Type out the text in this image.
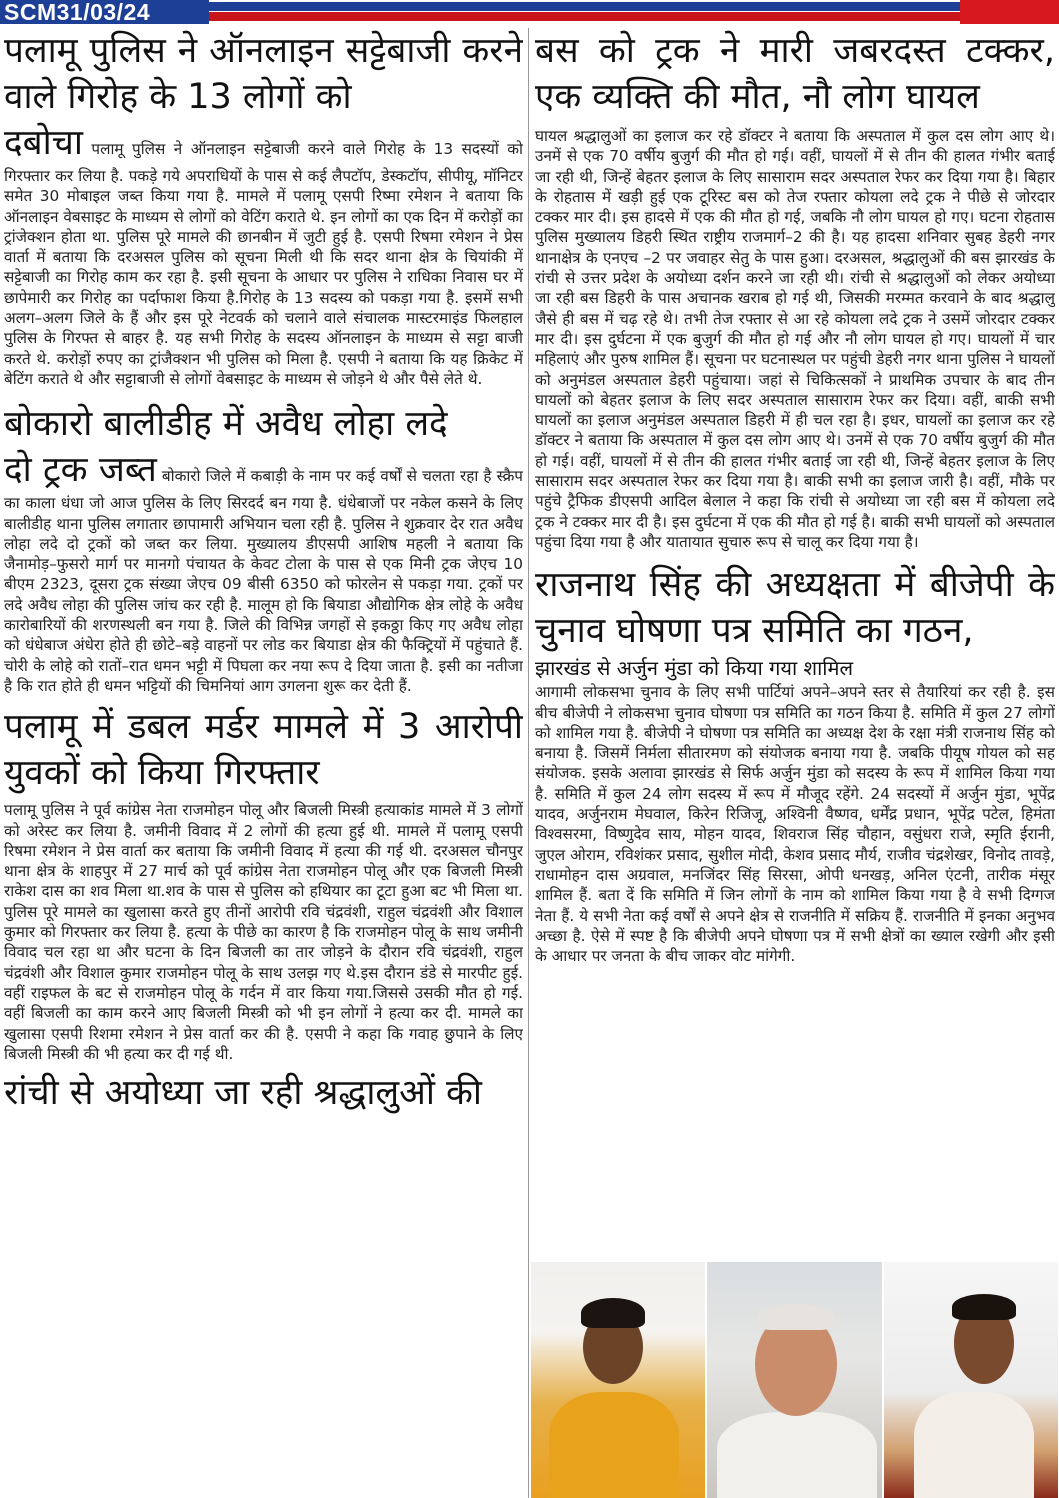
SCM31/03/24
पलामू पुलिस ने ऑनलाइन सट्टेबाजी करने वाले गिरोह के 13 लोगों को

दबोचा पलामू पुलिस ने ऑनलाइन सट्टेबाजी करने वाले गिरोह के 13 सदस्यों को गिरफ्तार कर लिया है. पकड़े गये अपराधियों के पास से कई लैपटॉप, डेस्कटॉप, सीपीयू, मॉनिटर समेत 30 मोबाइल जब्त किया गया है. मामले में पलामू एसपी रिष्मा रमेशन ने बताया कि ऑनलाइन वेबसाइट के माध्यम से लोगों को वेटिंग कराते थे. इन लोगों का एक दिन में करोड़ों का ट्रांजेक्शन होता था. पुलिस पूरे मामले की छानबीन में जुटी हुई है. एसपी रिषमा रमेशन ने प्रेस वार्ता में बताया कि दरअसल पुलिस को सूचना मिली थी कि सदर थाना क्षेत्र के चियांकी में सट्टेबाजी का गिरोह काम कर रहा है. इसी सूचना के आधार पर पुलिस ने राधिका निवास घर में छापेमारी कर गिरोह का पर्दाफाश किया है.गिरोह के 13 सदस्य को पकड़ा गया है. इसमें सभी अलग–अलग जिले के हैं और इस पूरे नेटवर्क को चलाने वाले संचालक मास्टरमाइंड फिलहाल पुलिस के गिरफ्त से बाहर है. यह सभी गिरोह के सदस्य ऑनलाइन के माध्यम से सट्टा बाजी करते थे. करोड़ों रुपए का ट्रांजैक्शन भी पुलिस को मिला है. एसपी ने बताया कि यह क्रिकेट में बेटिंग कराते थे और सट्टाबाजी से लोगों वेबसाइट के माध्यम से जोड़ने थे और पैसे लेते थे.

बोकारो बालीडीह में अवैध लोहा लदे

दो ट्रक जब्त बोकारो जिले में कबाड़ी के नाम पर कई वर्षों से चलता रहा है स्क्रैप का काला धंधा जो आज पुलिस के लिए सिरदर्द बन गया है. धंधेबाजों पर नकेल कसने के लिए बालीडीह थाना पुलिस लगातार छापामारी अभियान चला रही है. पुलिस ने शुक्रवार देर रात अवैध लोहा लदे दो ट्रकों को जब्त कर लिया. मुख्यालय डीएसपी आशिष महली ने बताया कि जैनामोड़–फुसरो मार्ग पर मानगो पंचायत के केवट टोला के पास से एक मिनी ट्रक जेएच 10 बीएम 2323, दूसरा ट्रक संख्या जेएच 09 बीसी 6350 को फोरलेन से पकड़ा गया. ट्रकों पर लदे अवैध लोहा की पुलिस जांच कर रही है. मालूम हो कि बियाडा औद्योगिक क्षेत्र लोहे के अवैध कारोबारियों की शरणस्थली बन गया है. जिले की विभिन्न जगहों से इकठ्ठा किए गए अवैध लोहा को धंधेबाज अंधेरा होते ही छोटे–बड़े वाहनों पर लोड कर बियाडा क्षेत्र की फैक्ट्रियों में पहुंचाते हैं. चोरी के लोहे को रातों–रात धमन भट्टी में पिघला कर नया रूप दे दिया जाता है. इसी का नतीजा है कि रात होते ही धमन भट्टियों की चिमनियां आग उगलना शुरू कर देती हैं.

पलामू में डबल मर्डर मामले में 3 आरोपी युवकों को किया गिरफ्तार

पलामू पुलिस ने पूर्व कांग्रेस नेता राजमोहन पोलू और बिजली मिस्त्री हत्याकांड मामले में 3 लोगों को अरेस्ट कर लिया है. जमीनी विवाद में 2 लोगों की हत्या हुई थी. मामले में पलामू एसपी रिषमा रमेशन ने प्रेस वार्ता कर बताया कि जमीनी विवाद में हत्या की गई थी. दरअसल चौनपुर थाना क्षेत्र के शाहपुर में 27 मार्च को पूर्व कांग्रेस नेता राजमोहन पोलू और एक बिजली मिस्त्री राकेश दास का शव मिला था.शव के पास से पुलिस को हथियार का टूटा हुआ बट भी मिला था. पुलिस पूरे मामले का खुलासा करते हुए तीनों आरोपी रवि चंद्रवंशी, राहुल चंद्रवंशी और विशाल कुमार को गिरफ्तार कर लिया है. हत्या के पीछे का कारण है कि राजमोहन पोलू के साथ जमीनी विवाद चल रहा था और घटना के दिन बिजली का तार जोड़ने के दौरान रवि चंद्रवंशी, राहुल चंद्रवंशी और विशाल कुमार राजमोहन पोलू के साथ उलझ गए थे.इस दौरान डंडे से मारपीट हुई. वहीं राइफल के बट से राजमोहन पोलू के गर्दन में वार किया गया.जिससे उसकी मौत हो गई. वहीं बिजली का काम करने आए बिजली मिस्त्री को भी इन लोगों ने हत्या कर दी. मामले का खुलासा एसपी रिशमा रमेशन ने प्रेस वार्ता कर की है. एसपी ने कहा कि गवाह छुपाने के लिए बिजली मिस्त्री की भी हत्या कर दी गई थी.

रांची से अयोध्या जा रही श्रद्धालुओं की
बस को ट्रक ने मारी जबरदस्त टक्कर, एक व्यक्ति की मौत, नौ लोग घायल

घायल श्रद्धालुओं का इलाज कर रहे डॉक्टर ने बताया कि अस्पताल में कुल दस लोग आए थे। उनमें से एक 70 वर्षीय बुजुर्ग की मौत हो गई। वहीं, घायलों में से तीन की हालत गंभीर बताई जा रही थी, जिन्हें बेहतर इलाज के लिए सासाराम सदर अस्पताल रेफर कर दिया गया है। बिहार के रोहतास में खड़ी हुई एक टूरिस्ट बस को तेज रफ्तार कोयला लदे ट्रक ने पीछे से जोरदार टक्कर मार दी। इस हादसे में एक की मौत हो गई, जबकि नौ लोग घायल हो गए। घटना रोहतास पुलिस मुख्यालय डिहरी स्थित राष्ट्रीय राजमार्ग–2 की है। यह हादसा शनिवार सुबह डेहरी नगर थानाक्षेत्र के एनएच –2 पर जवाहर सेतु के पास हुआ। दरअसल, श्रद्धालुओं की बस झारखंड के रांची से उत्तर प्रदेश के अयोध्या दर्शन करने जा रही थी। रांची से श्रद्धालुओं को लेकर अयोध्या जा रही बस डिहरी के पास अचानक खराब हो गई थी, जिसकी मरम्मत करवाने के बाद श्रद्धालु जैसे ही बस में चढ़ रहे थे। तभी तेज रफ्तार से आ रहे कोयला लदे ट्रक ने उसमें जोरदार टक्कर मार दी। इस दुर्घटना में एक बुजुर्ग की मौत हो गई और नौ लोग घायल हो गए। घायलों में चार महिलाएं और पुरुष शामिल हैं। सूचना पर घटनास्थल पर पहुंची डेहरी नगर थाना पुलिस ने घायलों को अनुमंडल अस्पताल डेहरी पहुंचाया। जहां से चिकित्सकों ने प्राथमिक उपचार के बाद तीन घायलों को बेहतर इलाज के लिए सदर अस्पताल सासाराम रेफर कर दिया। वहीं, बाकी सभी घायलों का इलाज अनुमंडल अस्पताल डिहरी में ही चल रहा है। इधर, घायलों का इलाज कर रहे डॉक्टर ने बताया कि अस्पताल में कुल दस लोग आए थे। उनमें से एक 70 वर्षीय बुजुर्ग की मौत हो गई। वहीं, घायलों में से तीन की हालत गंभीर बताई जा रही थी, जिन्हें बेहतर इलाज के लिए सासाराम सदर अस्पताल रेफर कर दिया गया है। बाकी सभी का इलाज जारी है। वहीं, मौके पर पहुंचे ट्रैफिक डीएसपी आदिल बेलाल ने कहा कि रांची से अयोध्या जा रही बस में कोयला लदे ट्रक ने टक्कर मार दी है। इस दुर्घटना में एक की मौत हो गई है। बाकी सभी घायलों को अस्पताल पहुंचा दिया गया है और यातायात सुचारु रूप से चालू कर दिया गया है।

राजनाथ सिंह की अध्यक्षता में बीजेपी के चुनाव घोषणा पत्र समिति का गठन,
झारखंड से अर्जुन मुंडा को किया गया शामिल

आगामी लोकसभा चुनाव के लिए सभी पार्टियां अपने–अपने स्तर से तैयारियां कर रही है. इस बीच बीजेपी ने लोकसभा चुनाव घोषणा पत्र समिति का गठन किया है. समिति में कुल 27 लोगों को शामिल गया है. बीजेपी ने घोषणा पत्र समिति का अध्यक्ष देश के रक्षा मंत्री राजनाथ सिंह को बनाया है. जिसमें निर्मला सीतारमण को संयोजक बनाया गया है. जबकि पीयूष गोयल को सह संयोजक. इसके अलावा झारखंड से सिर्फ अर्जुन मुंडा को सदस्य के रूप में शामिल किया गया है. समिति में कुल 24 लोग सदस्य में रूप में मौजूद रहेंगे. 24 सदस्यों में अर्जुन मुंडा, भूपेंद्र यादव, अर्जुनराम मेघवाल, किरेन रिजिजू, अश्विनी वैष्णव, धर्मेंद्र प्रधान, भूपेंद्र पटेल, हिमंता विश्वसरमा, विष्णुदेव साय, मोहन यादव, शिवराज सिंह चौहान, वसुंधरा राजे, स्मृति ईरानी, जुएल ओराम, रविशंकर प्रसाद, सुशील मोदी, केशव प्रसाद मौर्य, राजीव चंद्रशेखर, विनोद तावड़े, राधामोहन दास अग्रवाल, मनजिंदर सिंह सिरसा, ओपी धनखड़, अनिल एंटनी, तारीक मंसूर शामिल हैं. बता दें कि समिति में जिन लोगों के नाम को शामिल किया गया है वे सभी दिग्गज नेता हैं. ये सभी नेता कई वर्षों से अपने क्षेत्र से राजनीति में सक्रिय हैं. राजनीति में इनका अनुभव अच्छा है. ऐसे में स्पष्ट है कि बीजेपी अपने घोषणा पत्र में सभी क्षेत्रों का ख्याल रखेगी और इसी के आधार पर जनता के बीच जाकर वोट मांगेगी.
